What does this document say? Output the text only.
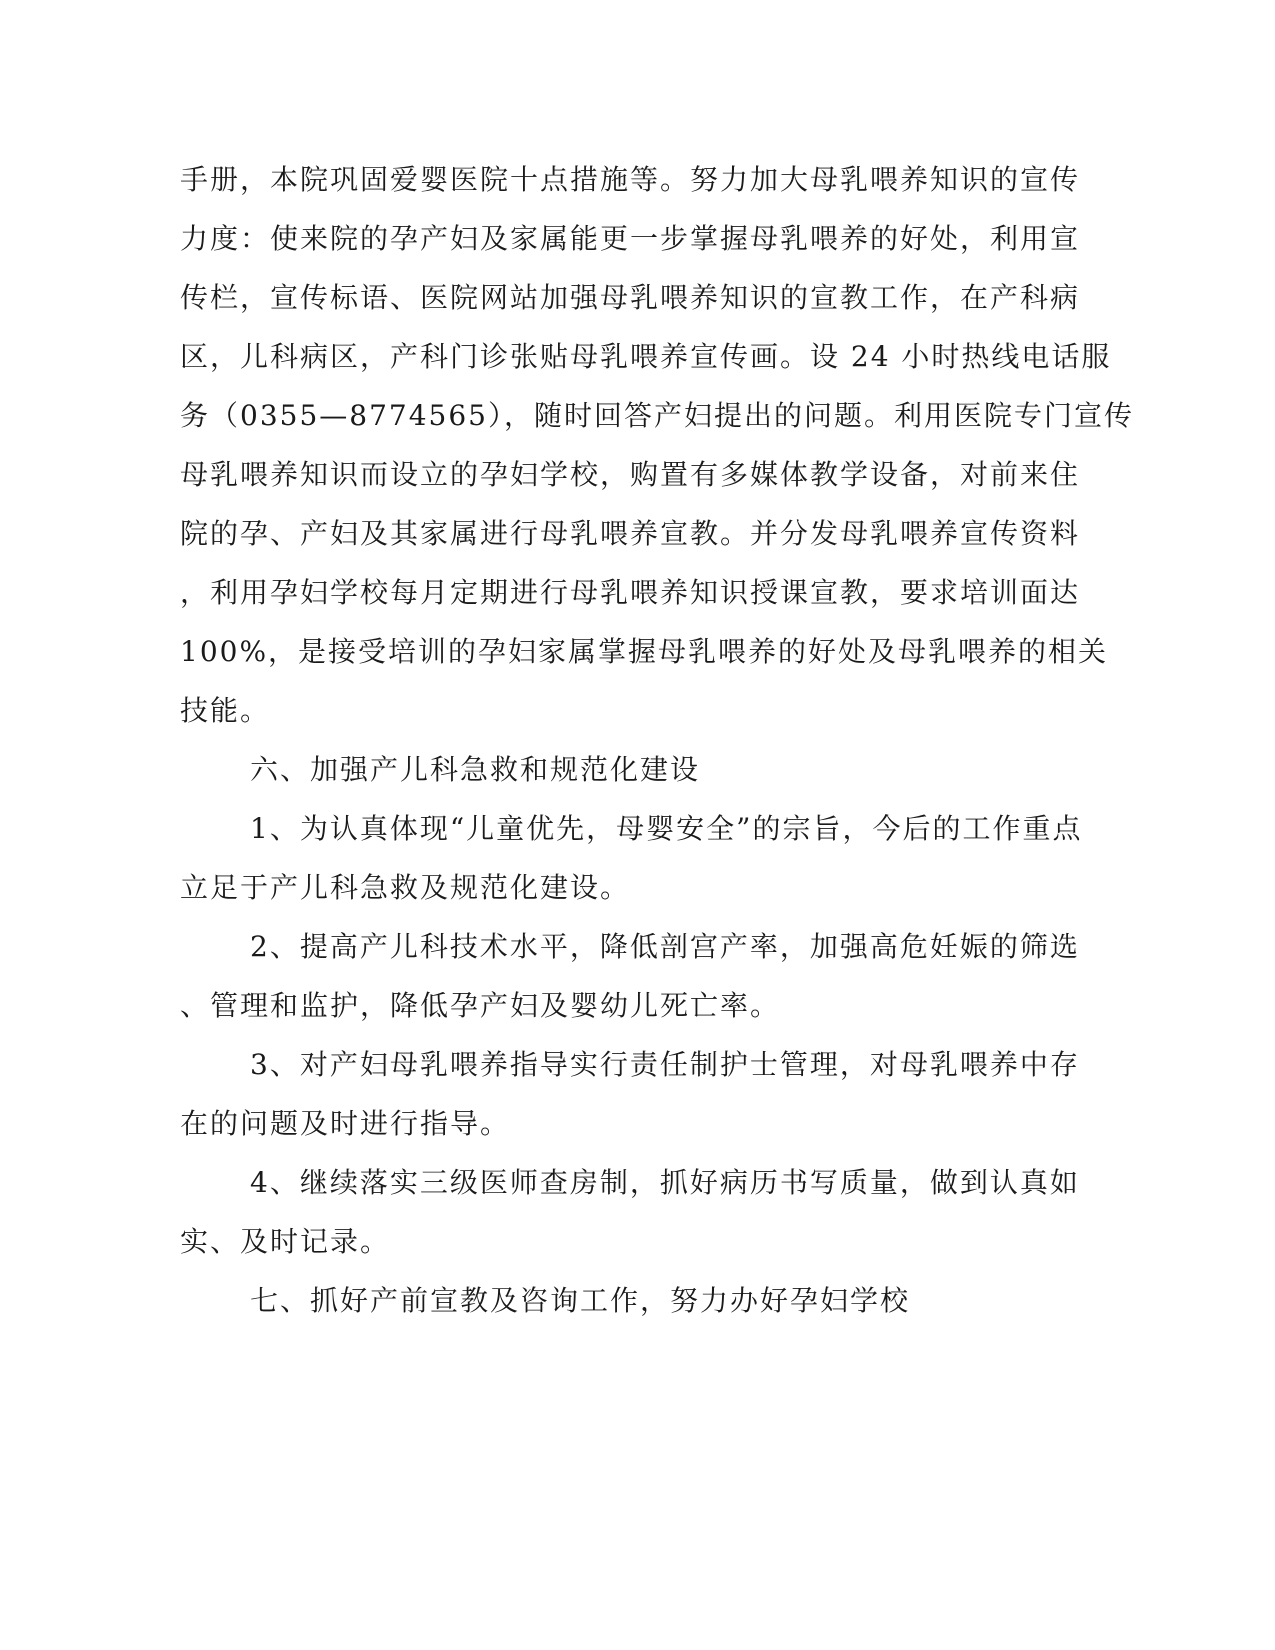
手册，本院巩固爱婴医院十点措施等。努力加大母乳喂养知识的宣传
力度：使来院的孕产妇及家属能更一步掌握母乳喂养的好处，利用宣
传栏，宣传标语、医院网站加强母乳喂养知识的宣教工作，在产科病
区，儿科病区，产科门诊张贴母乳喂养宣传画。设 24 小时热线电话服
务（0355—8774565），随时回答产妇提出的问题。利用医院专门宣传
母乳喂养知识而设立的孕妇学校，购置有多媒体教学设备，对前来住
院的孕、产妇及其家属进行母乳喂养宣教。并分发母乳喂养宣传资料
，利用孕妇学校每月定期进行母乳喂养知识授课宣教，要求培训面达
100%，是接受培训的孕妇家属掌握母乳喂养的好处及母乳喂养的相关
技能。
六、加强产儿科急救和规范化建设
1、为认真体现“儿童优先，母婴安全”的宗旨，今后的工作重点
立足于产儿科急救及规范化建设。
2、提高产儿科技术水平，降低剖宫产率，加强高危妊娠的筛选
、管理和监护，降低孕产妇及婴幼儿死亡率。
3、对产妇母乳喂养指导实行责任制护士管理，对母乳喂养中存
在的问题及时进行指导。
4、继续落实三级医师查房制，抓好病历书写质量，做到认真如
实、及时记录。
七、抓好产前宣教及咨询工作，努力办好孕妇学校
